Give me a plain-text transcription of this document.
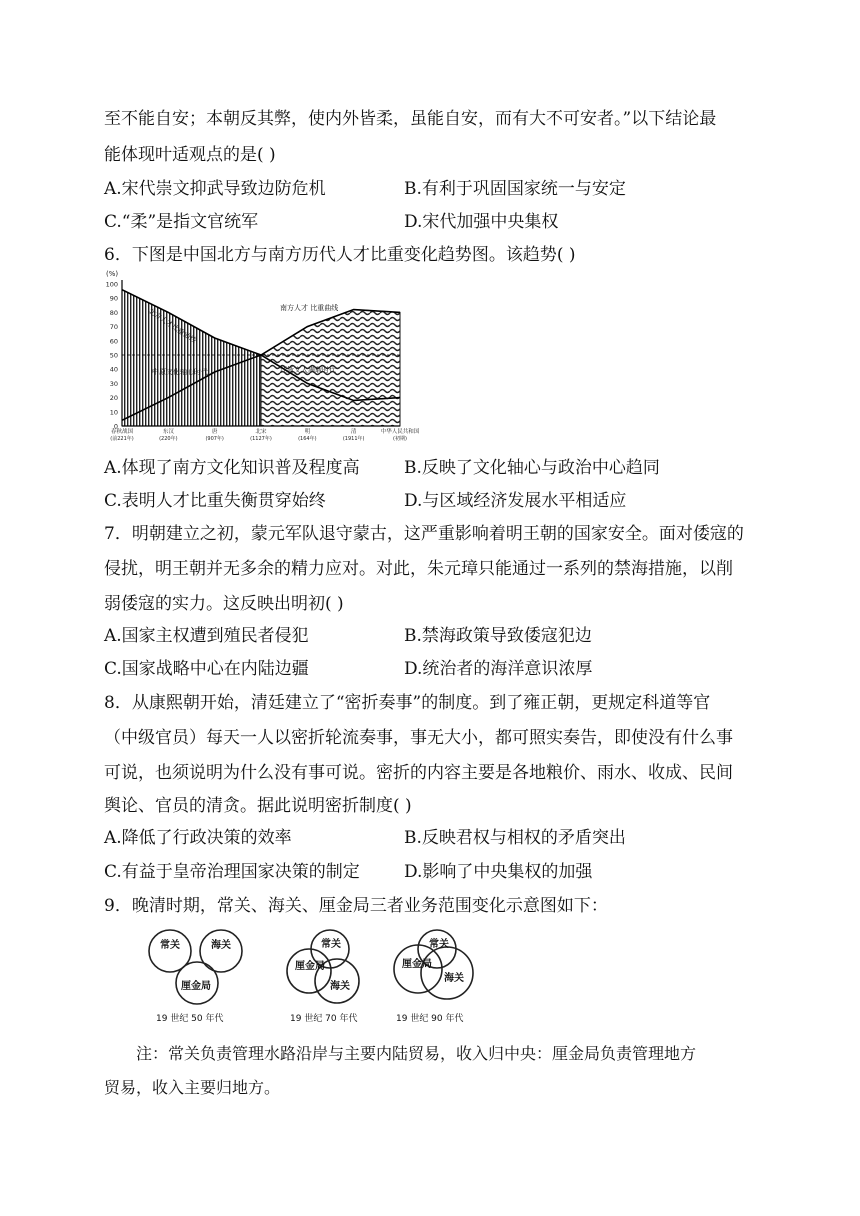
至不能自安；本朝反其弊，使内外皆柔，虽能自安，而有大不可安者。”以下结论最
能体现叶适观点的是( )
A.宋代崇文抑武导致边防危机	B.有利于巩固国家统一与安定
C.“柔”是指文官统军	D.宋代加强中央集权
6．下图是中国北方与南方历代人才比重变化趋势图。该趋势( )
(%)
100
90
80
70
60
50
40
30
20
10
0
春秋战国
(前221年)
东汉
(220年)
唐
(907年)
北宋
(1127年)
明
(164年)
清
(1911年)
中华人民共和国
(初期)
北方人才比重曲线	南方人才 比重曲线
中原文化轴心时代	江浙文人满载时代
A.体现了南方文化知识普及程度高	B.反映了文化轴心与政治中心趋同
C.表明人才比重失衡贯穿始终	D.与区域经济发展水平相适应
7．明朝建立之初，蒙元军队退守蒙古，这严重影响着明王朝的国家安全。面对倭寇的
侵扰，明王朝并无多余的精力应对。对此，朱元璋只能通过一系列的禁海措施，以削
弱倭寇的实力。这反映出明初( )
A.国家主权遭到殖民者侵犯	B.禁海政策导致倭寇犯边
C.国家战略中心在内陆边疆	D.统治者的海洋意识浓厚
8．从康熙朝开始，清廷建立了“密折奏事”的制度。到了雍正朝，更规定科道等官
（中级官员）每天一人以密折轮流奏事，事无大小，都可照实奏告，即使没有什么事
可说，也须说明为什么没有事可说。密折的内容主要是各地粮价、雨水、收成、民间
舆论、官员的清贪。据此说明密折制度( )
A.降低了行政决策的效率	B.反映君权与相权的矛盾突出
C.有益于皇帝治理国家决策的制定	D.影响了中央集权的加强
9．晚清时期，常关、海关、厘金局三者业务范围变化示意图如下：
常关	海关
厘金局
19 世纪 50 年代
常关
厘金局
海关
19 世纪 70 年代
常关
厘金局
海关
19 世纪 90 年代
注：常关负责管理水路沿岸与主要内陆贸易，收入归中央：厘金局负责管理地方
贸易，收入主要归地方。
